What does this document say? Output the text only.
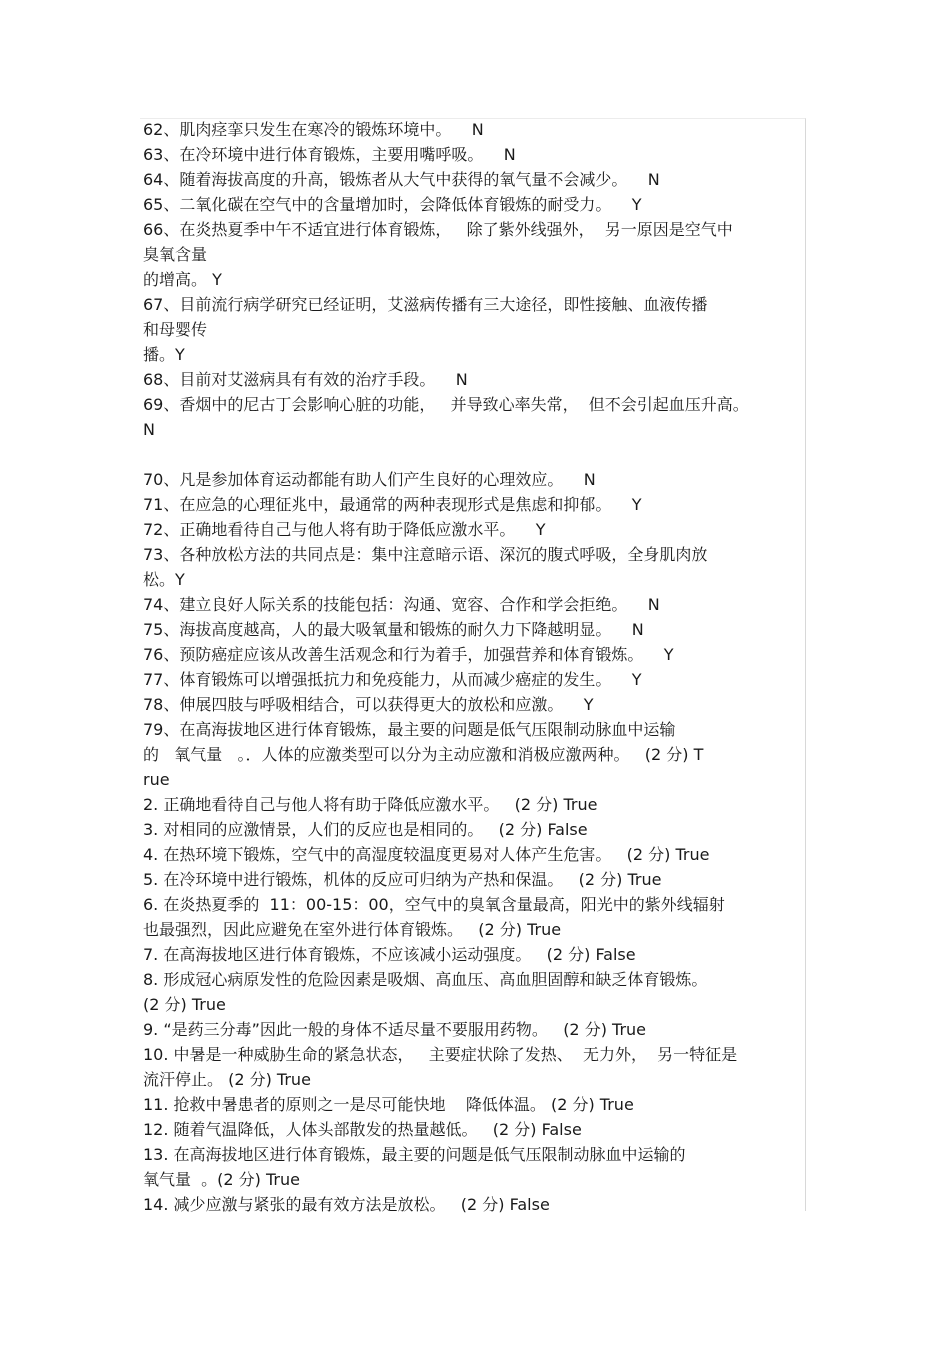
62、肌肉痉挛只发生在寒冷的锻炼环境中。    N
63、在冷环境中进行体育锻炼，主要用嘴呼吸。    N
64、随着海拔高度的升高，锻炼者从大气中获得的氧气量不会减少。    N
65、二氧化碳在空气中的含量增加时，会降低体育锻炼的耐受力。    Y
66、在炎热夏季中午不适宜进行体育锻炼，   除了紫外线强外，  另一原因是空气中
臭氧含量
的增高。 Y
67、目前流行病学研究已经证明，艾滋病传播有三大途径，即性接触、血液传播
和母婴传
播。Y
68、目前对艾滋病具有有效的治疗手段。    N
69、香烟中的尼古丁会影响心脏的功能，   并导致心率失常，  但不会引起血压升高。
N
70、凡是参加体育运动都能有助人们产生良好的心理效应。    N
71、在应急的心理征兆中，最通常的两种表现形式是焦虑和抑郁。    Y
72、正确地看待自己与他人将有助于降低应激水平。    Y
73、各种放松方法的共同点是：集中注意暗示语、深沉的腹式呼吸，全身肌肉放
松。Y
74、建立良好人际关系的技能包括：沟通、宽容、合作和学会拒绝。    N
75、海拔高度越高，人的最大吸氧量和锻炼的耐久力下降越明显。    N
76、预防癌症应该从改善生活观念和行为着手，加强营养和体育锻炼。    Y
77、体育锻炼可以增强抵抗力和免疫能力，从而减少癌症的发生。    Y
78、伸展四肢与呼吸相结合，可以获得更大的放松和应激。    Y
79、在高海拔地区进行体育锻炼，最主要的问题是低气压限制动脉血中运输
的   氧气量   。．人体的应激类型可以分为主动应激和消极应激两种。   (2 分) T
rue
2. 正确地看待自己与他人将有助于降低应激水平。   (2 分) True
3. 对相同的应激情景，人们的反应也是相同的。   (2 分) False
4. 在热环境下锻炼，空气中的高湿度较温度更易对人体产生危害。   (2 分) True
5. 在冷环境中进行锻炼，机体的反应可归纳为产热和保温。   (2 分) True
6. 在炎热夏季的  11：00-15：00，空气中的臭氧含量最高，阳光中的紫外线辐射
也最强烈，因此应避免在室外进行体育锻炼。   (2 分) True
7. 在高海拔地区进行体育锻炼，不应该减小运动强度。   (2 分) False
8. 形成冠心病原发性的危险因素是吸烟、高血压、高血胆固醇和缺乏体育锻炼。
(2 分) True
9. “是药三分毒”因此一般的身体不适尽量不要服用药物。   (2 分) True
10. 中暑是一种威胁生命的紧急状态，   主要症状除了发热、  无力外，  另一特征是
流汗停止。 (2 分) True
11. 抢救中暑患者的原则之一是尽可能快地    降低体温。 (2 分) True
12. 随着气温降低，人体头部散发的热量越低。   (2 分) False
13. 在高海拔地区进行体育锻炼，最主要的问题是低气压限制动脉血中运输的
氧气量  。(2 分) True
14. 减少应激与紧张的最有效方法是放松。   (2 分) False
